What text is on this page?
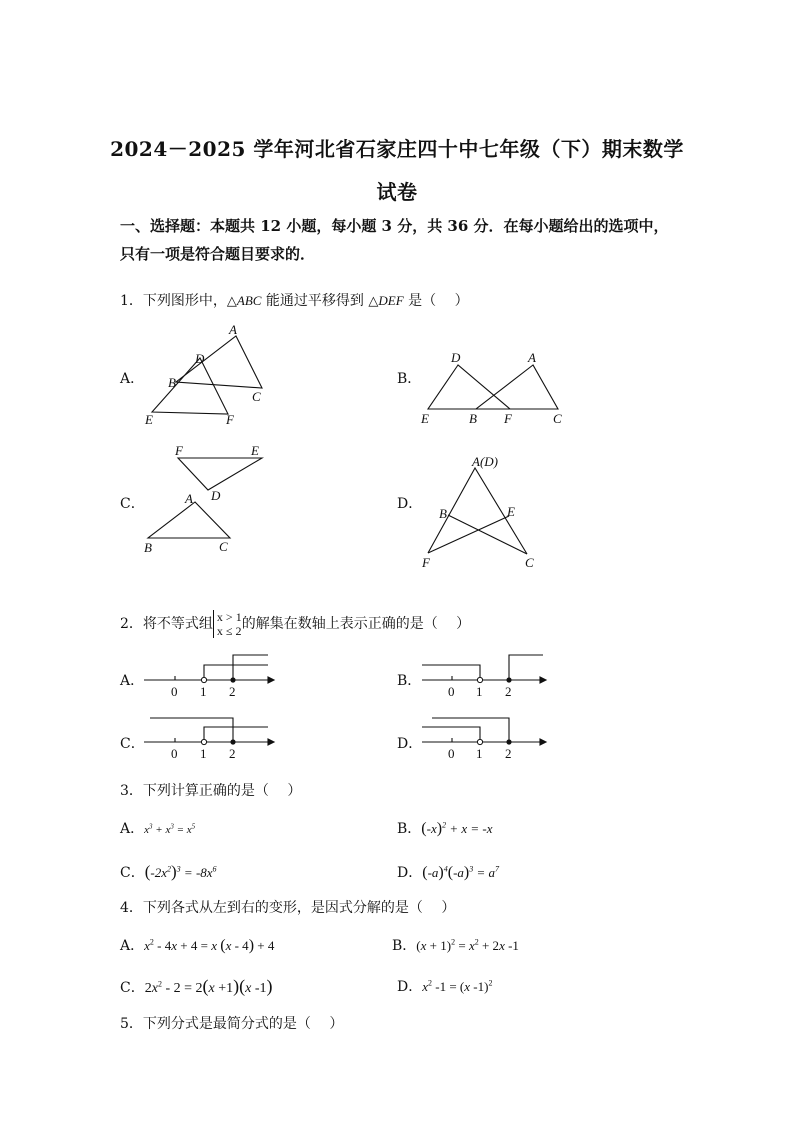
2024－2025 学年河北省石家庄四十中七年级（下）期末数学
试卷
一、选择题：本题共 12 小题，每小题 3 分，共 36 分．在每小题给出的选项中，
只有一项是符合题目要求的．
1．下列图形中，△ABC 能通过平移得到 △DEF 是（　 ）
A．	B．
C．	D．
A
D
B
C
E	F
D	A
E	B F	C
F	E
A D
B	C
A(D)
B	E
F	C
2．将不等式组 x > 1
x ≤ 2 的解集在数轴上表示正确的是（　 ）
A．	B．
C．	D．
0 1 2	0 1 2
0 1 2	0 1 2
3．下列计算正确的是（　 ）
A．$x^3 + x^3 = x^5$	B．$(-x)^2 + x = -x$
C．$(-2x^2)^3 = -8x^6$	D．$(-a)^4(-a)^3 = a^7$
4．下列各式从左到右的变形，是因式分解的是（　 ）
A．$x^2 - 4x + 4 = x$ (x - 4) + 4	B．$(x + 1)^2 = x^2 + 2x$ -1
C．$2x^2 - 2 = 2(x +1)(x$ -1)	D．$x^2$ -1 = (x -1)$^2$
5．下列分式是最简分式的是（　 ）
